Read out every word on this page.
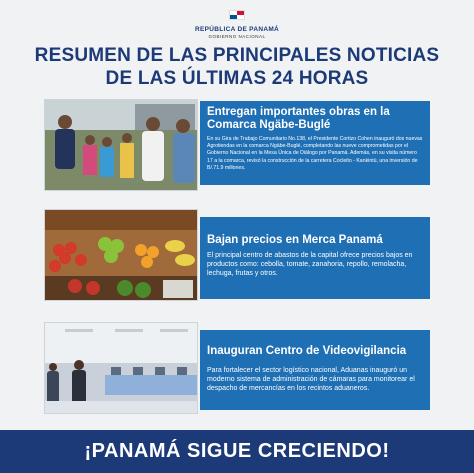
REPÚBLICA DE PANAMÁ
GOBIERNO NACIONAL
RESUMEN DE LAS PRINCIPALES NOTICIAS
DE LAS ÚLTIMAS 24 HORAS
Entregan importantes obras en la Comarca Ngäbe-Buglé
En su Gira de Trabajo Comunitario No.138, el Presidente Cortizo Cohen inauguró dos nuevas Agrotiendas en la comarca Ngäbe-Buglé, completando las nueve comprometidas por el Gobierno Nacional en la Mesa Única de Diálogo por Panamá. Además, en su visita número 17 a la comarca, revisó la construcción de la carretera Cocleito - Kankintú, una inversión de B/.71.9 millones.
Bajan precios en Merca Panamá
El principal centro de abastos de la capital ofrece precios bajos en productos como: cebolla, tomate, zanahoria, repollo, remolacha, lechuga, frutas y otros.
Inauguran Centro de Videovigilancia
Para fortalecer el sector logístico nacional, Aduanas inauguró un moderno sistema de administración de cámaras para monitorear el despacho de mercancías en los recintos aduaneros.
¡PANAMÁ SIGUE CRECIENDO!
